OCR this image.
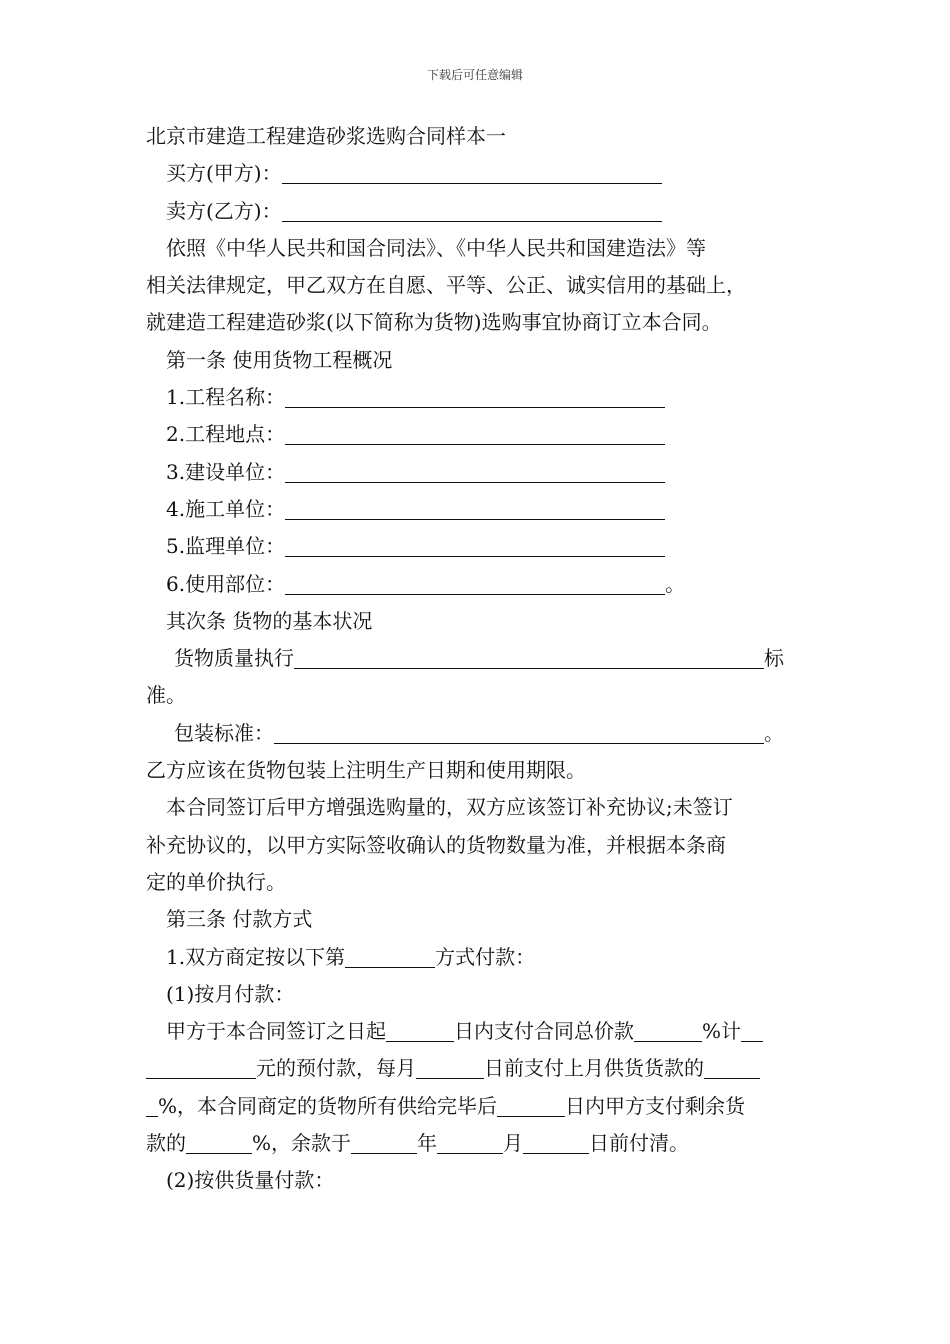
下载后可任意编辑
北京市建造工程建造砂浆选购合同样本一
买方(甲方)：
卖方(乙方)：
依照《中华人民共和国合同法》、《中华人民共和国建造法》等
相关法律规定，甲乙双方在自愿、平等、公正、诚实信用的基础上，
就建造工程建造砂浆(以下简称为货物)选购事宜协商订立本合同。
第一条 使用货物工程概况
1.工程名称：
2.工程地点：
3.建设单位：
4.施工单位：
5.监理单位：
6.使用部位：	。
其次条 货物的基本状况
货物质量执行	标
准。
包装标准：	。
乙方应该在货物包装上注明生产日期和使用期限。
本合同签订后甲方增强选购量的，双方应该签订补充协议;未签订
补充协议的，以甲方实际签收确认的货物数量为准，并根据本条商
定的单价执行。
第三条 付款方式
1.双方商定按以下第	方式付款：
(1)按月付款：
甲方于本合同签订之日起	日内支付合同总价款	%计
元的预付款，每月	日前支付上月供货货款的
%，本合同商定的货物所有供给完毕后	日内甲方支付剩余货
款的	%，余款于	年	月	日前付清。
(2)按供货量付款：
